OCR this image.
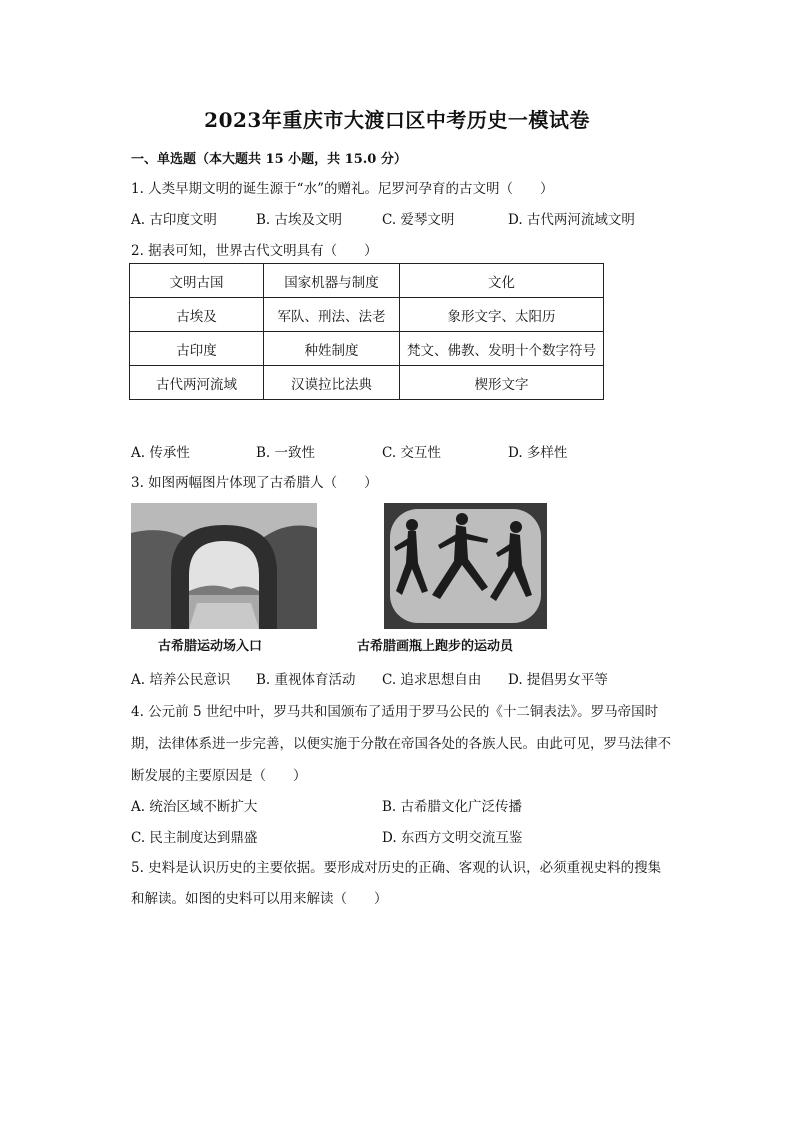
2023年重庆市大渡口区中考历史一模试卷
一、单选题（本大题共 15 小题，共 15.0 分）
1. 人类早期文明的诞生源于“水”的赠礼。尼罗河孕育的古文明（　　）
A. 古印度文明	B. 古埃及文明	C. 爱琴文明	D. 古代两河流域文明
2. 据表可知，世界古代文明具有（　　）
文明古国	国家机器与制度	文化
古埃及	军队、刑法、法老	象形文字、太阳历
古印度	种姓制度	梵文、佛教、发明十个数字符号
古代两河流域	汉谟拉比法典	楔形文字
A. 传承性	B. 一致性	C. 交互性	D. 多样性
3. 如图两幅图片体现了古希腊人（　　）
古希腊运动场入口	古希腊画瓶上跑步的运动员
A. 培养公民意识 B. 重视体育活动 C. 追求思想自由 D. 提倡男女平等
4. 公元前 5 世纪中叶，罗马共和国颁布了适用于罗马公民的《十二铜表法》。罗马帝国时
期，法律体系进一步完善，以便实施于分散在帝国各处的各族人民。由此可见，罗马法律不
断发展的主要原因是（　　）
A. 统治区域不断扩大	B. 古希腊文化广泛传播
C. 民主制度达到鼎盛	D. 东西方文明交流互鉴
5. 史料是认识历史的主要依据。要形成对历史的正确、客观的认识，必须重视史料的搜集
和解读。如图的史料可以用来解读（　　）
